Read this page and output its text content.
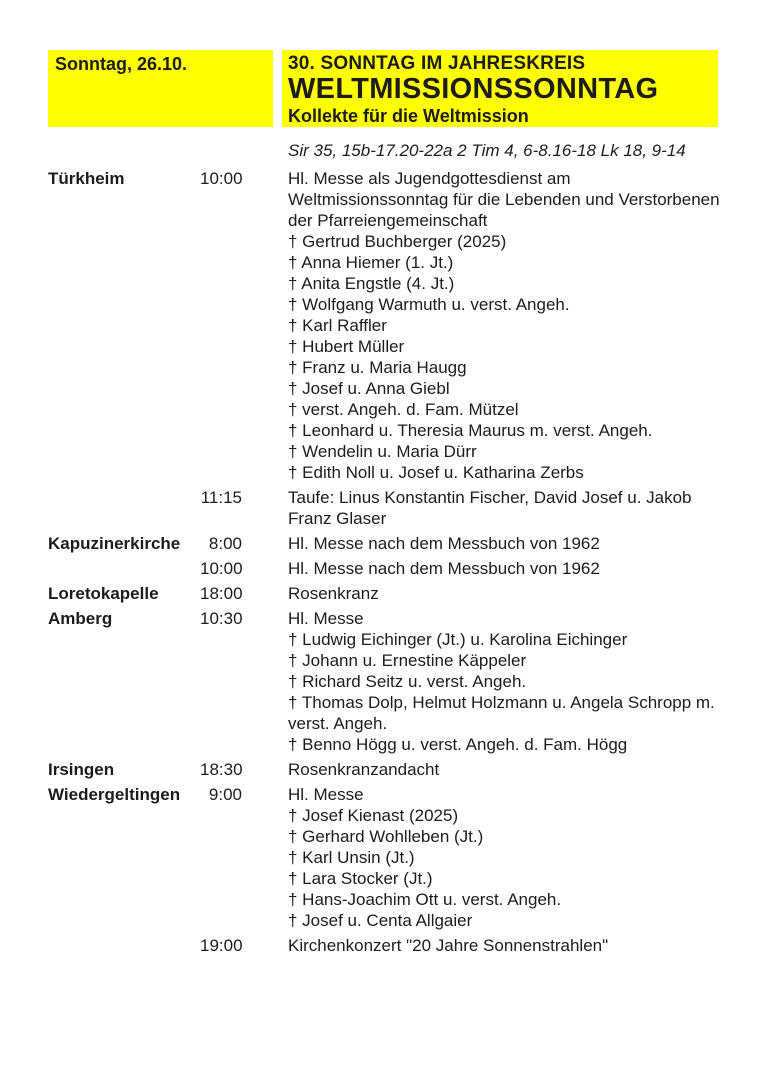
Sonntag, 26.10.	30. SONNTAG IM JAHRESKREIS
WELTMISSIONSSONNTAG
Kollekte für die Weltmission
Sir 35, 15b-17.20-22a 2 Tim 4, 6-8.16-18 Lk 18, 9-14
Türkheim	10:00	Hl. Messe als Jugendgottesdienst am Weltmissionssonntag für die Lebenden und Verstorbenen der Pfarreiengemeinschaft
† Gertrud Buchberger (2025)
† Anna Hiemer (1. Jt.)
† Anita Engstle (4. Jt.)
† Wolfgang Warmuth u. verst. Angeh.
† Karl Raffler
† Hubert Müller
† Franz u. Maria Haugg
† Josef u. Anna Giebl
† verst. Angeh. d. Fam. Mützel
† Leonhard u. Theresia Maurus m. verst. Angeh.
† Wendelin u. Maria Dürr
† Edith Noll u. Josef u. Katharina Zerbs
11:15	Taufe: Linus Konstantin Fischer, David Josef u. Jakob Franz Glaser
Kapuzinerkirche	8:00	Hl. Messe nach dem Messbuch von 1962
10:00	Hl. Messe nach dem Messbuch von 1962
Loretokapelle	18:00	Rosenkranz
Amberg	10:30	Hl. Messe
† Ludwig Eichinger (Jt.) u. Karolina Eichinger
† Johann u. Ernestine Käppeler
† Richard Seitz u. verst. Angeh.
† Thomas Dolp, Helmut Holzmann u. Angela Schropp m. verst. Angeh.
† Benno Högg u. verst. Angeh. d. Fam. Högg
Irsingen	18:30	Rosenkranzandacht
Wiedergeltingen	9:00	Hl. Messe
† Josef Kienast (2025)
† Gerhard Wohlleben (Jt.)
† Karl Unsin (Jt.)
† Lara Stocker (Jt.)
† Hans-Joachim Ott u. verst. Angeh.
† Josef u. Centa Allgaier
19:00	Kirchenkonzert "20 Jahre Sonnenstrahlen"
